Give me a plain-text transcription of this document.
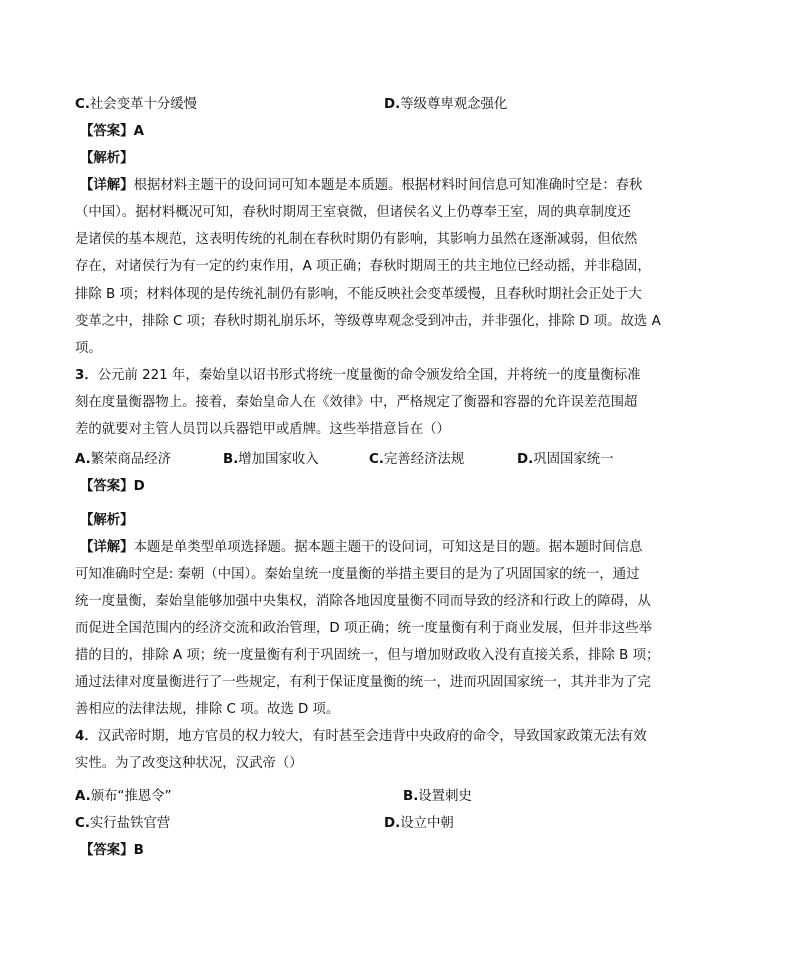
C.社会变革十分缓慢	D.等级尊卑观念强化
【答案】A
【解析】
【详解】根据材料主题干的设问词可知本题是本质题。根据材料时间信息可知准确时空是：春秋
（中国）。据材料概况可知，春秋时期周王室衰微，但诸侯名义上仍尊奉王室，周的典章制度还
是诸侯的基本规范，这表明传统的礼制在春秋时期仍有影响，其影响力虽然在逐渐减弱，但依然
存在，对诸侯行为有一定的约束作用，A 项正确；春秋时期周王的共主地位已经动摇，并非稳固，
排除 B 项；材料体现的是传统礼制仍有影响，不能反映社会变革缓慢，且春秋时期社会正处于大
变革之中，排除 C 项；春秋时期礼崩乐坏，等级尊卑观念受到冲击，并非强化，排除 D 项。故选 A
项。
3．公元前 221 年，秦始皇以诏书形式将统一度量衡的命令颁发给全国，并将统一的度量衡标准
刻在度量衡器物上。接着，秦始皇命人在《效律》中，严格规定了衡器和容器的允许误差范围超
差的就要对主管人员罚以兵器铠甲或盾牌。这些举措意旨在（）
A.繁荣商品经济	B.增加国家收入	C.完善经济法规	D.巩固国家统一
【答案】D
【解析】
【详解】本题是单类型单项选择题。据本题主题干的设问词，可知这是目的题。据本题时间信息
可知准确时空是: 秦朝（中国）。秦始皇统一度量衡的举措主要目的是为了巩固国家的统一，通过
统一度量衡，秦始皇能够加强中央集权，消除各地因度量衡不同而导致的经济和行政上的障碍，从
而促进全国范围内的经济交流和政治管理，D 项正确；统一度量衡有利于商业发展，但并非这些举
措的目的，排除 A 项；统一度量衡有利于巩固统一，但与增加财政收入没有直接关系，排除 B 项；
通过法律对度量衡进行了一些规定，有利于保证度量衡的统一，进而巩固国家统一，其并非为了完
善相应的法律法规，排除 C 项。故选 D 项。
4．汉武帝时期，地方官员的权力较大，有时甚至会违背中央政府的命令，导致国家政策无法有效
实性。为了改变这种状况，汉武帝（）
A.颁布“推恩令”	B.设置刺史
C.实行盐铁官营	D.设立中朝
【答案】B
